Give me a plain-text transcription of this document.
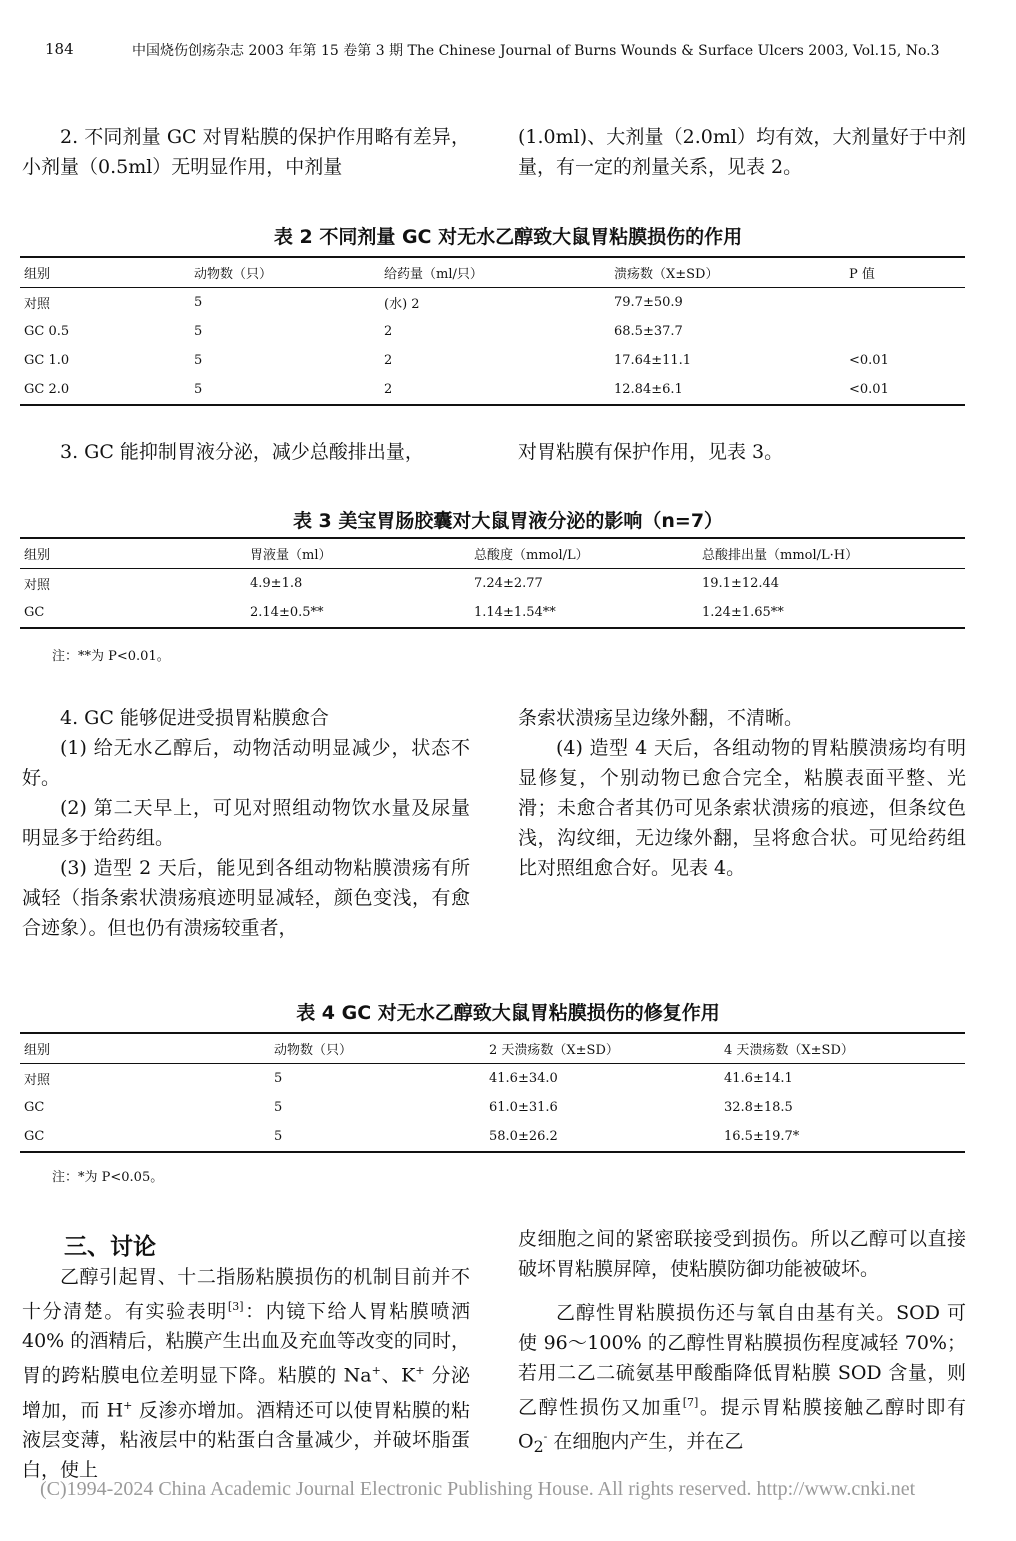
184	中国烧伤创疡杂志 2003 年第 15 卷第 3 期 The Chinese Journal of Burns Wounds & Surface Ulcers 2003, Vol.15, No.3

2. 不同剂量 GC 对胃粘膜的保护作用略有差异，小剂量（0.5ml）无明显作用，中剂量

(1.0ml)、大剂量（2.0ml）均有效，大剂量好于中剂量，有一定的剂量关系，见表 2。

表 2 不同剂量 GC 对无水乙醇致大鼠胃粘膜损伤的作用
组别	动物数（只）	给药量（ml/只）	溃疡数（X±SD）	P 值
对照	5	(水) 2	79.7±50.9	
GC 0.5	5	2	68.5±37.7	
GC 1.0	5	2	17.64±11.1	<0.01
GC 2.0	5	2	12.84±6.1	<0.01

3. GC 能抑制胃液分泌，减少总酸排出量，	对胃粘膜有保护作用，见表 3。

表 3 美宝胃肠胶囊对大鼠胃液分泌的影响（n=7）
组别	胃液量（ml）	总酸度（mmol/L）	总酸排出量（mmol/L·H）
对照	4.9±1.8	7.24±2.77	19.1±12.44
GC	2.14±0.5**	1.14±1.54**	1.24±1.65**
注：**为 P<0.01。

4. GC 能够促进受损胃粘膜愈合

(1) 给无水乙醇后，动物活动明显减少，状态不好。

(2) 第二天早上，可见对照组动物饮水量及尿量明显多于给药组。

(3) 造型 2 天后，能见到各组动物粘膜溃疡有所减轻（指条索状溃疡痕迹明显减轻，颜色变浅，有愈合迹象）。但也仍有溃疡较重者，

条索状溃疡呈边缘外翻，不清晰。

(4) 造型 4 天后，各组动物的胃粘膜溃疡均有明显修复，个别动物已愈合完全，粘膜表面平整、光滑；未愈合者其仍可见条索状溃疡的痕迹，但条纹色浅，沟纹细，无边缘外翻，呈将愈合状。可见给药组比对照组愈合好。见表 4。

表 4 GC 对无水乙醇致大鼠胃粘膜损伤的修复作用
组别	动物数（只）	2 天溃疡数（X±SD）	4 天溃疡数（X±SD）
对照	5	41.6±34.0	41.6±14.1
GC	5	61.0±31.6	32.8±18.5
GC	5	58.0±26.2	16.5±19.7*
注：*为 P<0.05。
三、讨论

乙醇引起胃、十二指肠粘膜损伤的机制目前并不十分清楚。有实验表明[3]：内镜下给人胃粘膜喷洒 40% 的酒精后，粘膜产生出血及充血等改变的同时，胃的跨粘膜电位差明显下降。粘膜的 Na+、K+ 分泌增加，而 H+ 反渗亦增加。酒精还可以使胃粘膜的粘液层变薄，粘液层中的粘蛋白含量减少，并破坏脂蛋白，使上

皮细胞之间的紧密联接受到损伤。所以乙醇可以直接破坏胃粘膜屏障，使粘膜防御功能被破坏。

乙醇性胃粘膜损伤还与氧自由基有关。SOD 可使 96～100% 的乙醇性胃粘膜损伤程度减轻 70%；若用二乙二硫氨基甲酸酯降低胃粘膜 SOD 含量，则乙醇性损伤又加重[7]。提示胃粘膜接触乙醇时即有 $O_2^-$ 在细胞内产生，并在乙

(C)1994-2024 China Academic Journal Electronic Publishing House. All rights reserved. http://www.cnki.net
